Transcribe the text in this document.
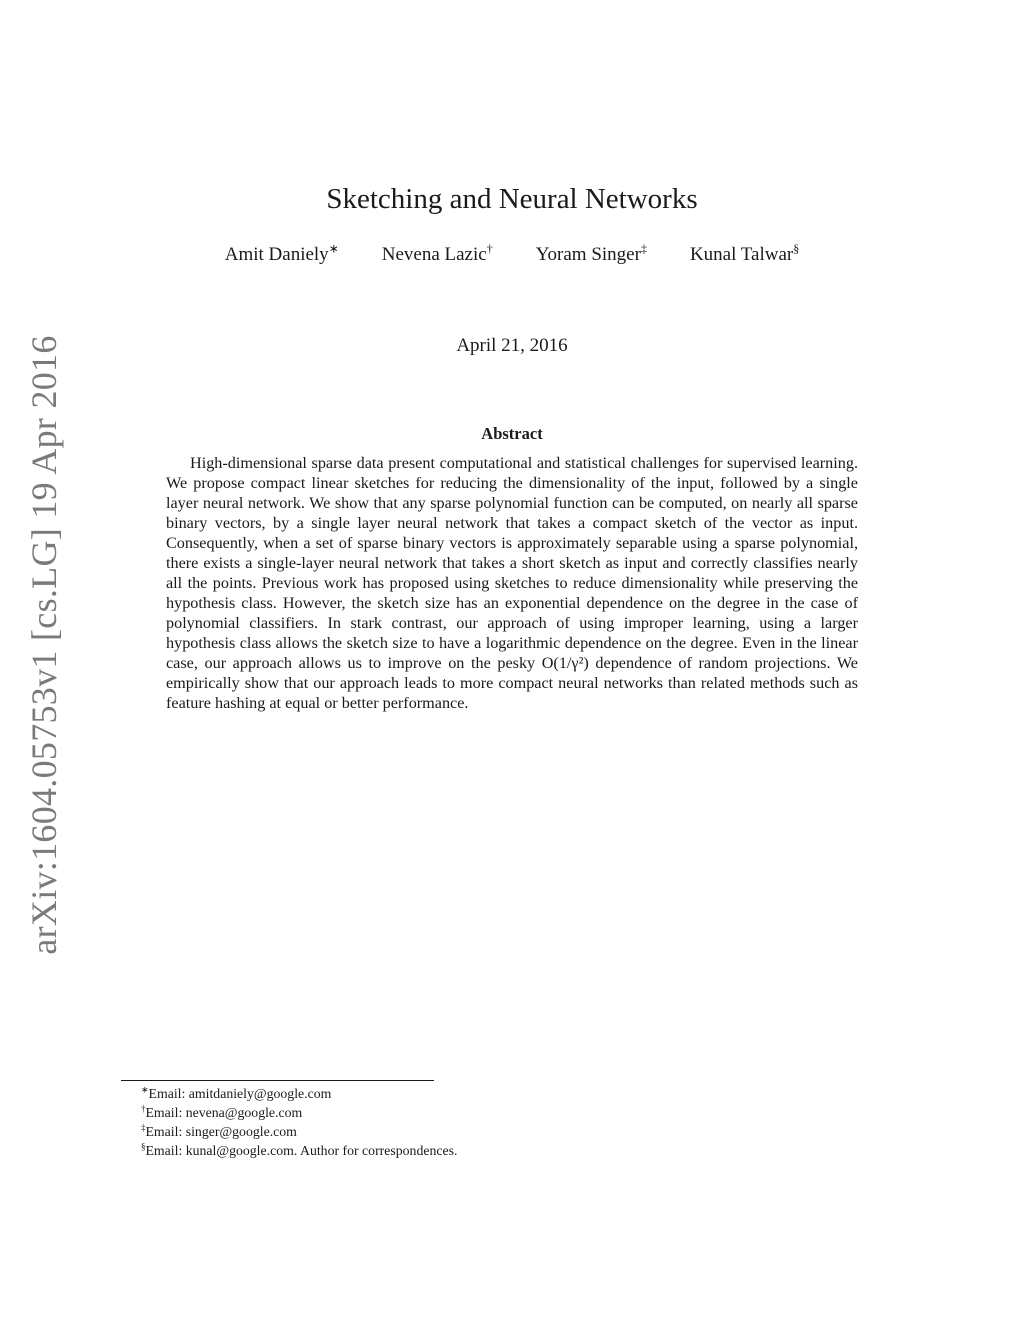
arXiv:1604.05753v1 [cs.LG] 19 Apr 2016
Sketching and Neural Networks
Amit Daniely∗ Nevena Lazic† Yoram Singer‡ Kunal Talwar§
April 21, 2016
Abstract

High-dimensional sparse data present computational and statistical challenges for supervised learning. We propose compact linear sketches for reducing the dimensionality of the input, followed by a single layer neural network. We show that any sparse polynomial function can be computed, on nearly all sparse binary vectors, by a single layer neural network that takes a compact sketch of the vector as input. Consequently, when a set of sparse binary vectors is approximately separable using a sparse polynomial, there exists a single-layer neural network that takes a short sketch as input and correctly classifies nearly all the points. Previous work has proposed using sketches to reduce dimensionality while preserving the hypothesis class. However, the sketch size has an exponential dependence on the degree in the case of polynomial classifiers. In stark contrast, our approach of using improper learning, using a larger hypothesis class allows the sketch size to have a logarithmic dependence on the degree. Even in the linear case, our approach allows us to improve on the pesky O(1/γ²) dependence of random projections. We empirically show that our approach leads to more compact neural networks than related methods such as feature hashing at equal or better performance.

∗Email: amitdaniely@google.com
†Email: nevena@google.com
‡Email: singer@google.com
§Email: kunal@google.com. Author for correspondences.
